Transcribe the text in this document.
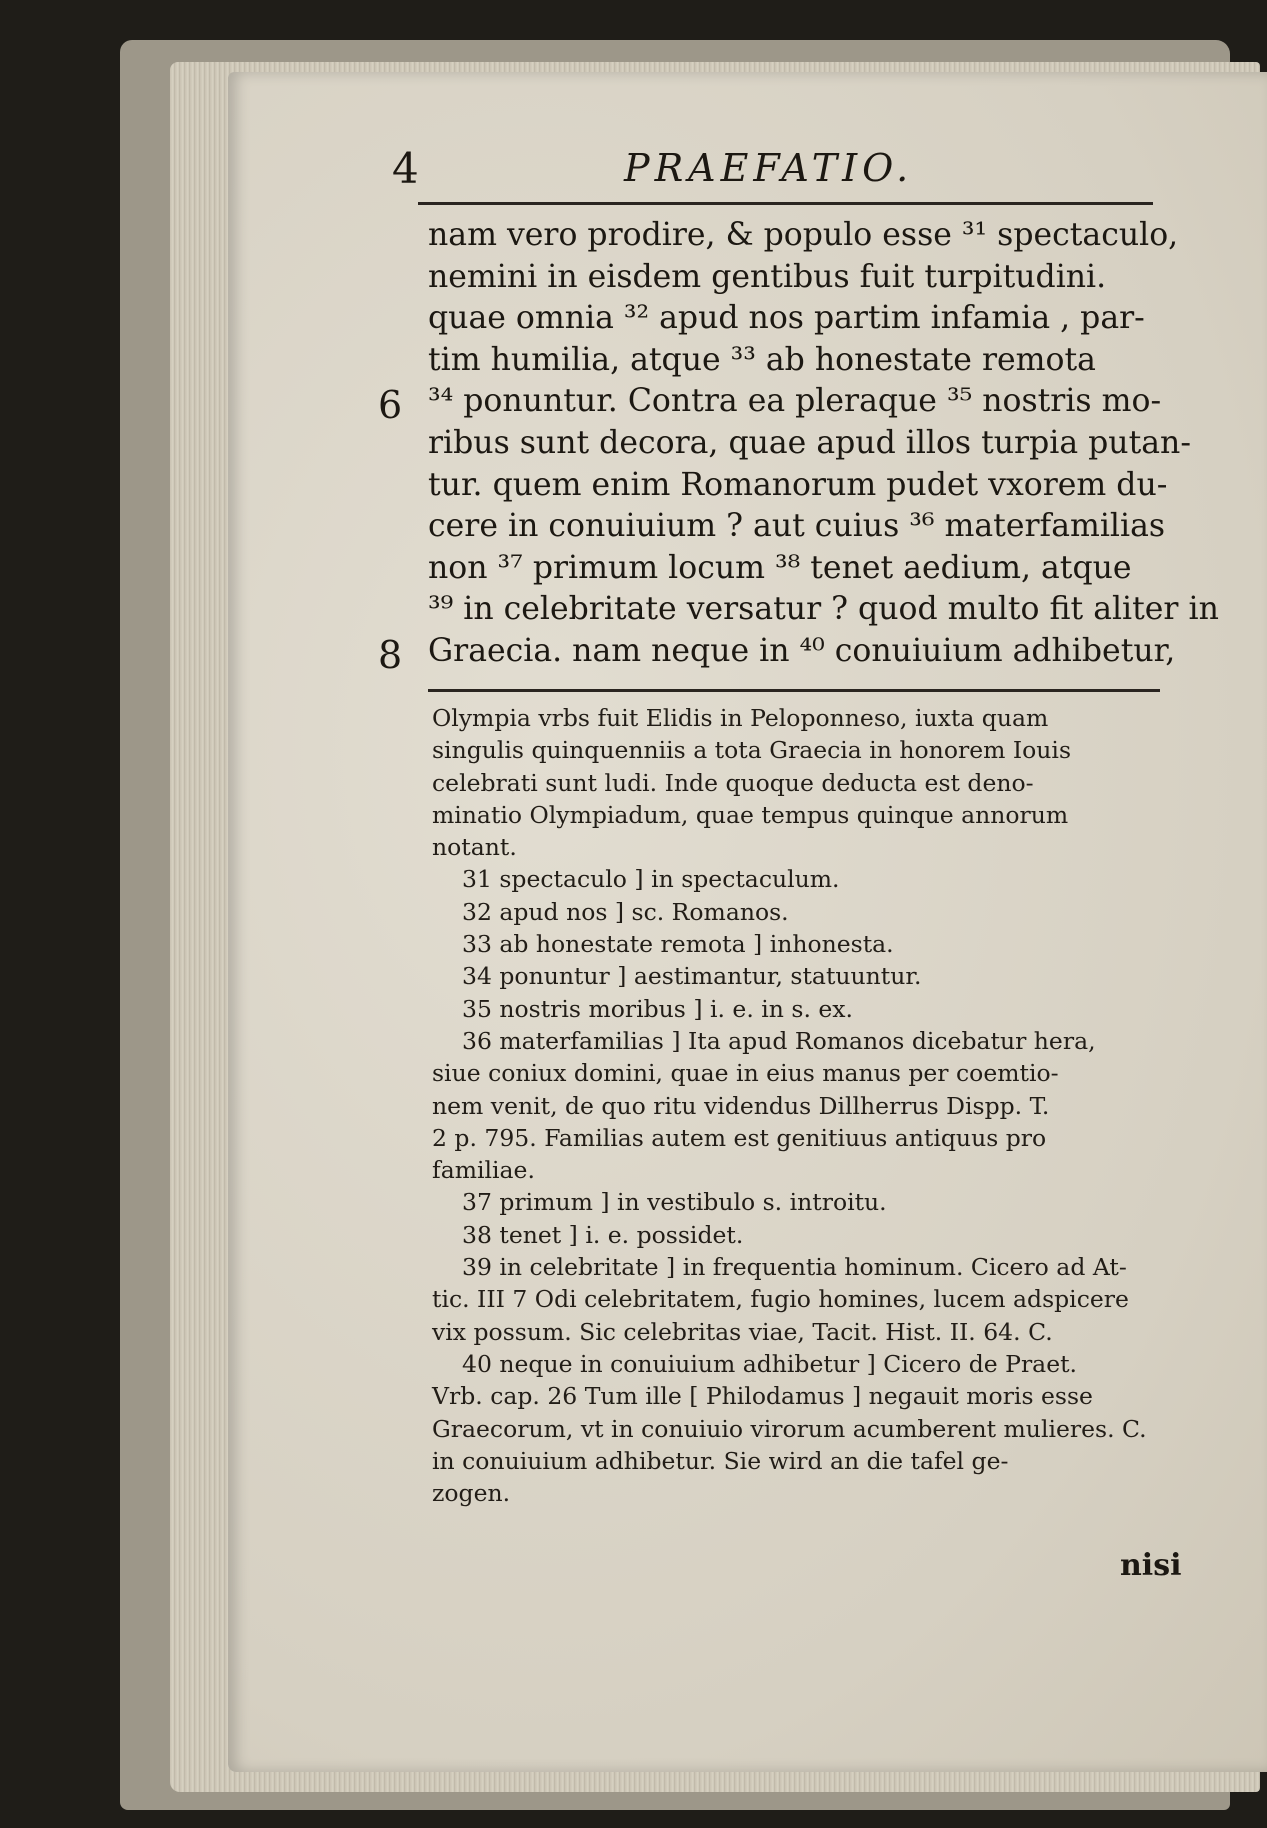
4	PRAEFATIO.
6
8
nam vero prodire, & populo esse ³¹ spectaculo,
nemini in eisdem gentibus fuit turpitudini.
quae omnia ³² apud nos partim infamia , par-
tim humilia, atque ³³ ab honestate remota
³⁴ ponuntur. Contra ea pleraque ³⁵ nostris mo-
ribus sunt decora, quae apud illos turpia putan-
tur. quem enim Romanorum pudet vxorem du-
cere in conuiuium ? aut cuius ³⁶ materfamilias
non ³⁷ primum locum ³⁸ tenet aedium, atque
³⁹ in celebritate versatur ? quod multo fit aliter in
Graecia. nam neque in ⁴⁰ conuiuium adhibetur,
Olympia vrbs fuit Elidis in Peloponneso, iuxta quam
singulis quinquenniis a tota Graecia in honorem Iouis
celebrati sunt ludi. Inde quoque deducta est deno-
minatio Olympiadum, quae tempus quinque annorum
notant.
31 spectaculo ] in spectaculum.
32 apud nos ] sc. Romanos.
33 ab honestate remota ] inhonesta.
34 ponuntur ] aestimantur, statuuntur.
35 nostris moribus ] i. e. in s. ex.
36 materfamilias ] Ita apud Romanos dicebatur hera,
siue coniux domini, quae in eius manus per coemtio-
nem venit, de quo ritu videndus Dillherrus Dispp. T.
2 p. 795. Familias autem est genitiuus antiquus pro
familiae.
37 primum ] in vestibulo s. introitu.
38 tenet ] i. e. possidet.
39 in celebritate ] in frequentia hominum. Cicero ad At-
tic. III 7 Odi celebritatem, fugio homines, lucem adspicere
vix possum. Sic celebritas viae, Tacit. Hist. II. 64. C.
40 neque in conuiuium adhibetur ] Cicero de Praet.
Vrb. cap. 26 Tum ille [ Philodamus ] negauit moris esse
Graecorum, vt in conuiuio virorum acumberent mulieres. C.
in conuiuium adhibetur. Sie wird an die tafel ge-
zogen.
nisi
